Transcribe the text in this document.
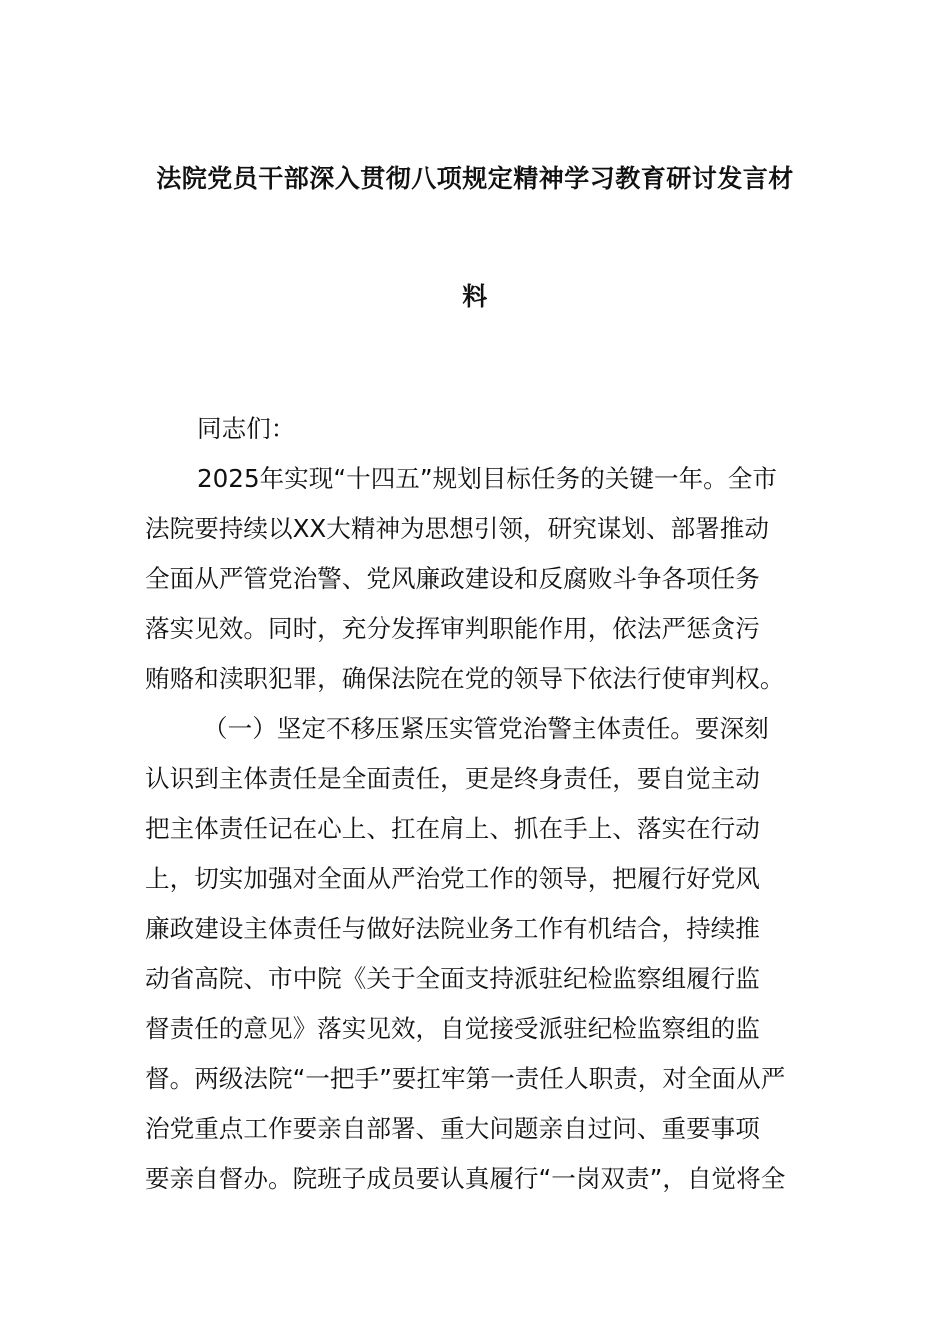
法院党员干部深入贯彻八项规定精神学习教育研讨发言材
料
同志们：
2025年实现“十四五”规划目标任务的关键一年。全市
法院要持续以XX大精神为思想引领，研究谋划、部署推动
全面从严管党治警、党风廉政建设和反腐败斗争各项任务
落实见效。同时，充分发挥审判职能作用，依法严惩贪污
贿赂和渎职犯罪，确保法院在党的领导下依法行使审判权。
（一）坚定不移压紧压实管党治警主体责任。要深刻
认识到主体责任是全面责任，更是终身责任，要自觉主动
把主体责任记在心上、扛在肩上、抓在手上、落实在行动
上，切实加强对全面从严治党工作的领导，把履行好党风
廉政建设主体责任与做好法院业务工作有机结合，持续推
动省高院、市中院《关于全面支持派驻纪检监察组履行监
督责任的意见》落实见效，自觉接受派驻纪检监察组的监
督。两级法院“一把手”要扛牢第一责任人职责，对全面从严
治党重点工作要亲自部署、重大问题亲自过问、重要事项
要亲自督办。院班子成员要认真履行“一岗双责”，自觉将全
